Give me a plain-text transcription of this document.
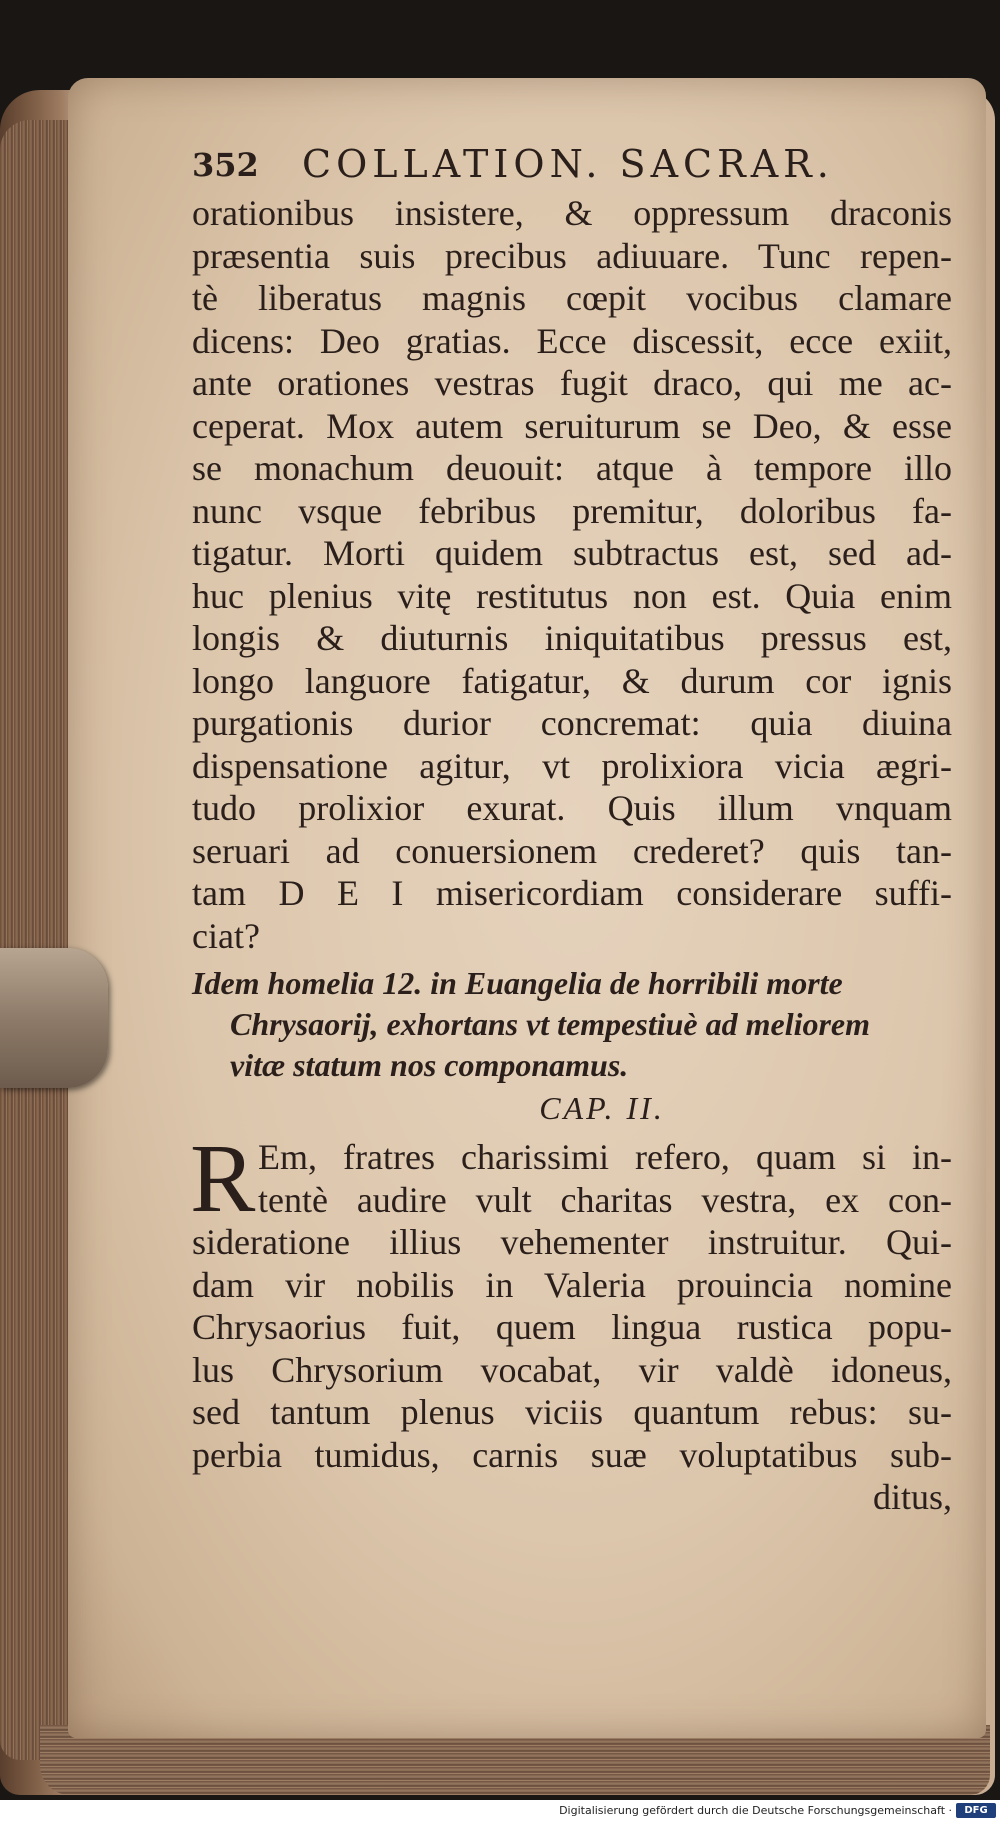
352 COLLATION. SACRAR.
orationibus insistere, & oppressum draconis
præsentia suis precibus adiuuare. Tunc repen-
tè liberatus magnis cœpit vocibus clamare
dicens: Deo gratias. Ecce discessit, ecce exiit,
ante orationes vestras fugit draco, qui me ac-
ceperat. Mox autem seruiturum se Deo, & esse
se monachum deuouit: atque à tempore illo
nunc vsque febribus premitur, doloribus fa-
tigatur. Morti quidem subtractus est, sed ad-
huc plenius vitę restitutus non est. Quia enim
longis & diuturnis iniquitatibus pressus est,
longo languore fatigatur, & durum cor ignis
purgationis durior concremat: quia diuina
dispensatione agitur, vt prolixiora vicia ægri-
tudo prolixior exurat. Quis illum vnquam
seruari ad conuersionem crederet? quis tan-
tam D E I misericordiam considerare suffi-
ciat?
Idem homelia 12. in Euangelia de horribili morte
Chrysaorij, exhortans vt tempestiuè ad meliorem
vitæ statum nos componamus.
CAP. II.
R Em, fratres charissimi refero, quam si in-
tentè audire vult charitas vestra, ex con-
sideratione illius vehementer instruitur. Qui-
dam vir nobilis in Valeria prouincia nomine
Chrysaorius fuit, quem lingua rustica popu-
lus Chrysorium vocabat, vir valdè idoneus,
sed tantum plenus viciis quantum rebus: su-
perbia tumidus, carnis suæ voluptatibus sub-
ditus,
Digitalisierung gefördert durch die Deutsche Forschungsgemeinschaft ·	DFG
